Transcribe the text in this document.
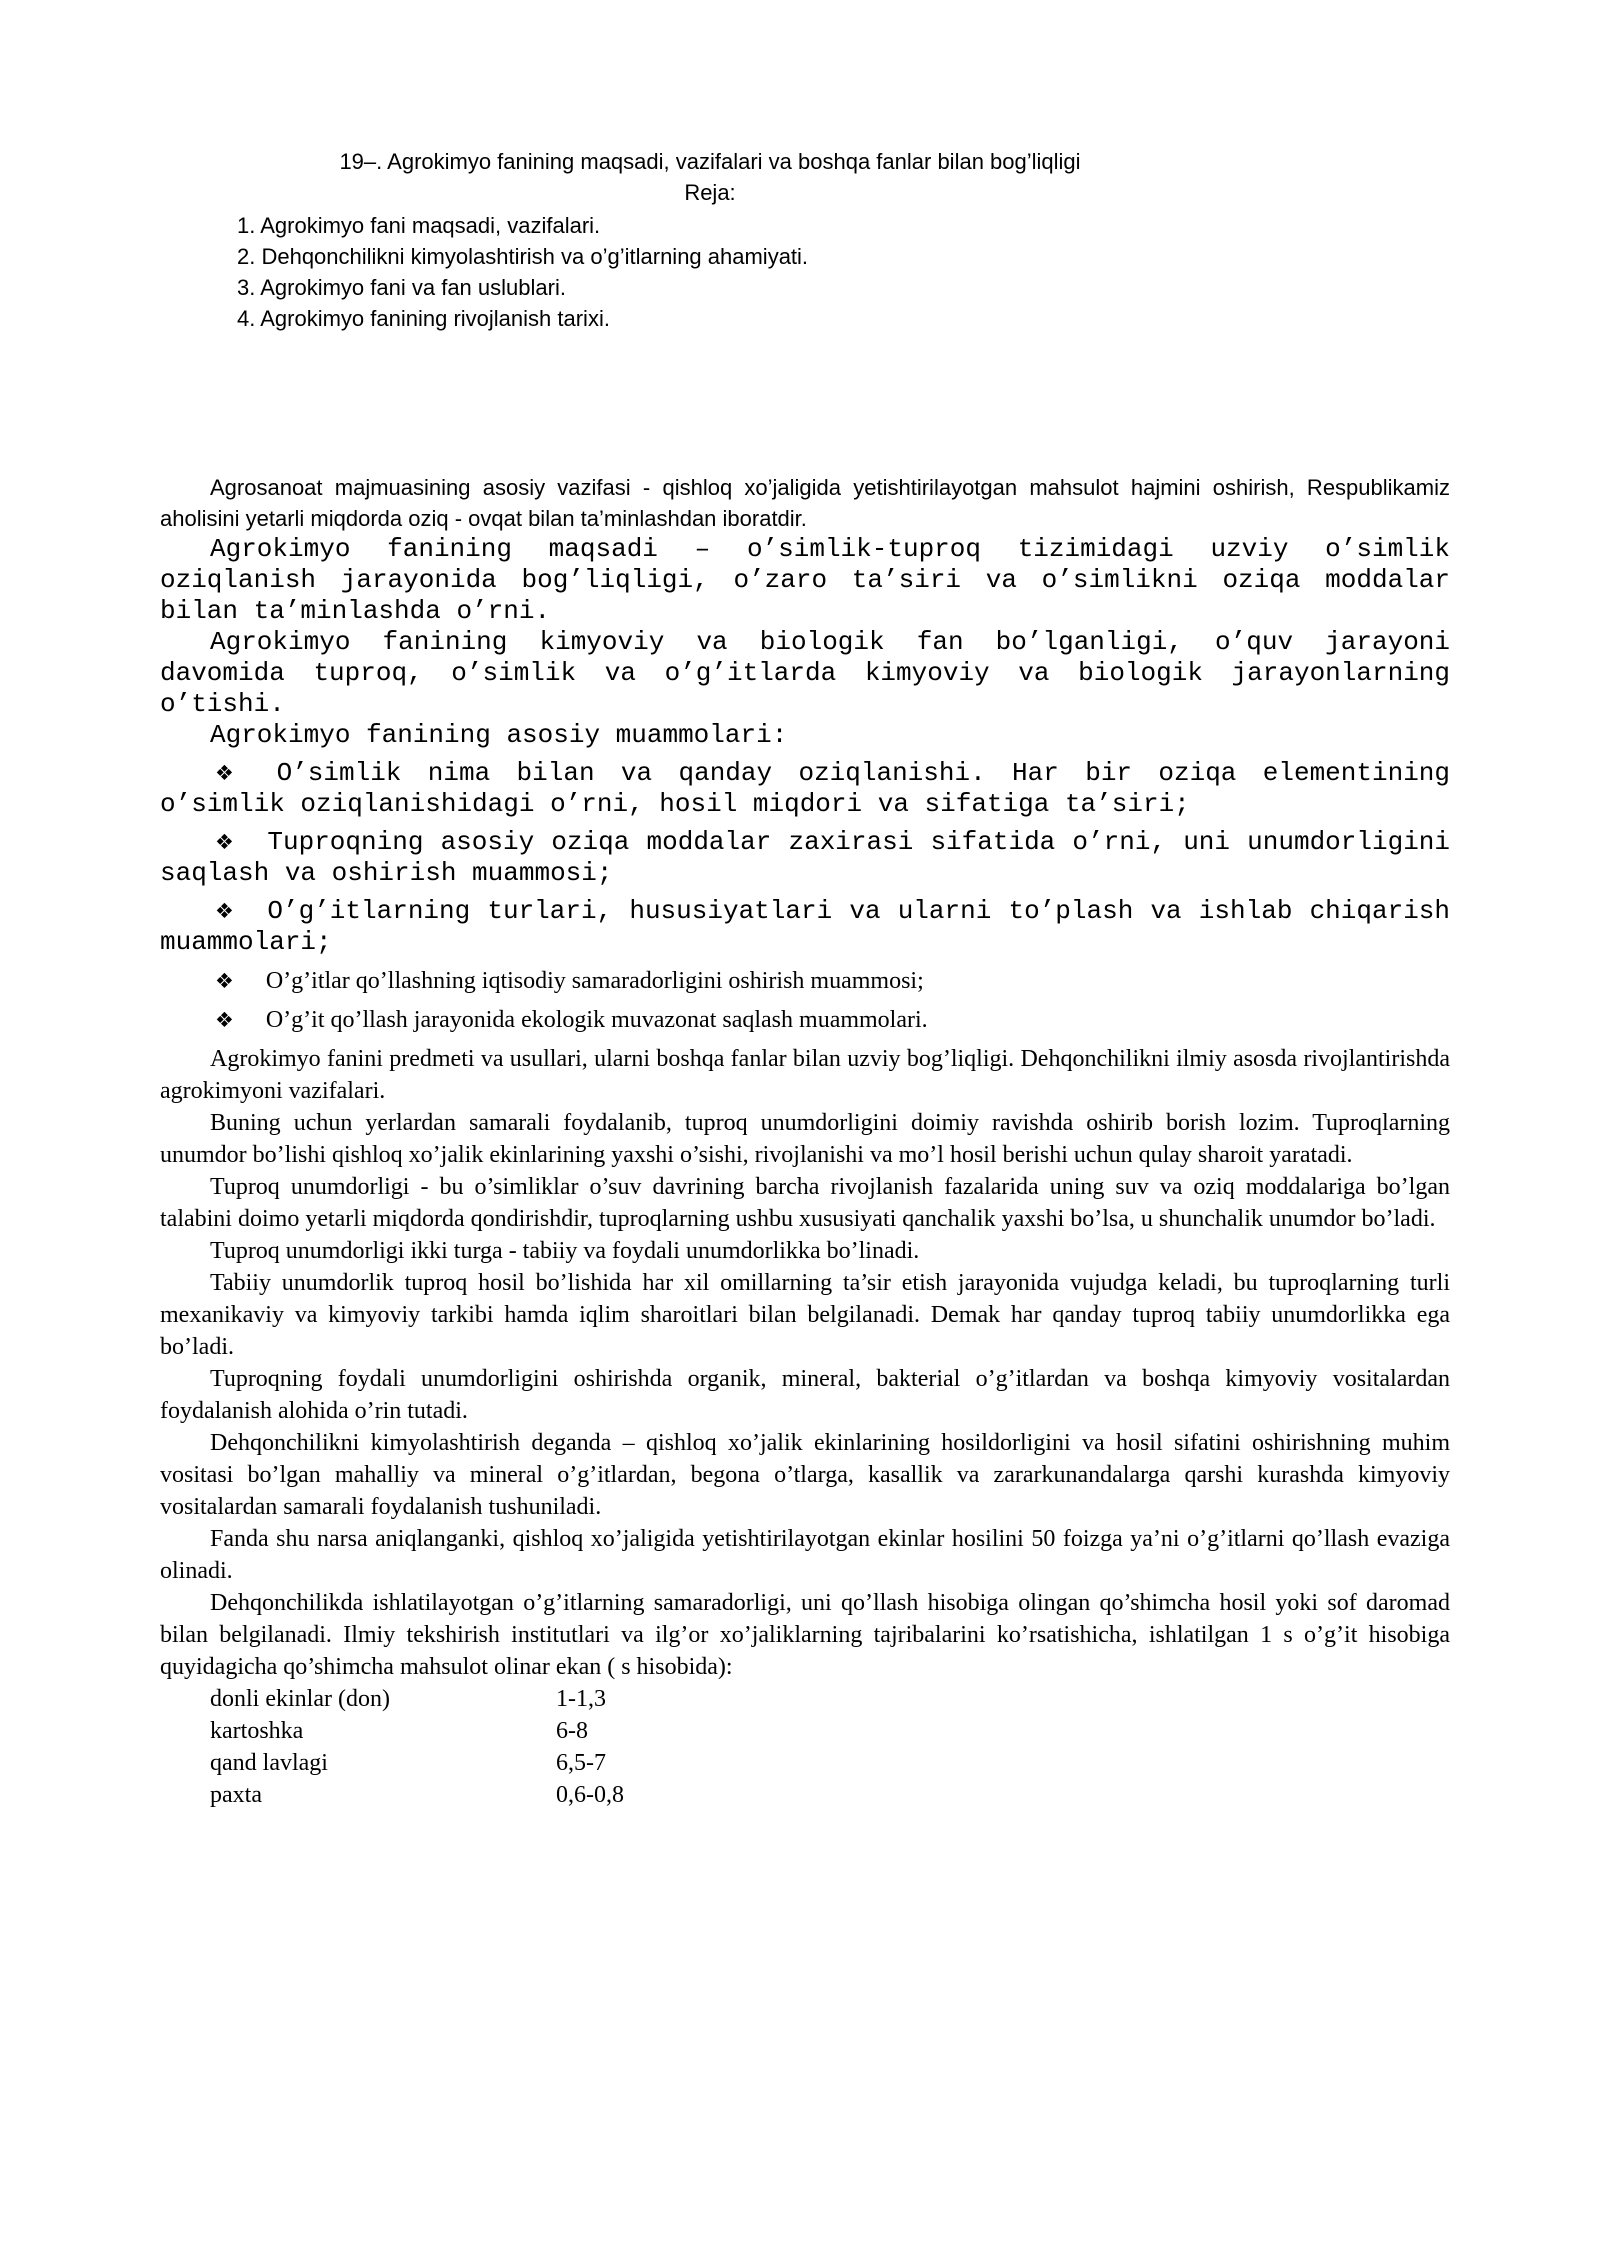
19–. Agrokimyo fanining maqsadi, vazifalari va boshqa fanlar bilan bog’liqligi

Reja:

1. Agrokimyo fani maqsadi, vazifalari.

2. Dehqonchilikni kimyolashtirish va o’g’itlarning ahamiyati.

3. Agrokimyo fani va fan uslublari.

4. Agrokimyo fanining rivojlanish tarixi.

Agrosanoat majmuasining asosiy vazifasi - qishloq xo’jaligida yetishtirilayotgan mahsulot hajmini oshirish, Respublikamiz aholisini yetarli miqdorda oziq - ovqat bilan ta’minlashdan iboratdir.

Agrokimyo fanining maqsadi – o’simlik-tuproq tizimidagi uzviy o’simlik oziqlanish jarayonida bog’liqligi, o’zaro ta’siri va o’simlikni oziqa moddalar bilan ta’minlashda o’rni.

Agrokimyo fanining kimyoviy va biologik fan bo’lganligi, o’quv jarayoni davomida tuproq, o’simlik va o’g’itlarda kimyoviy va biologik jarayonlarning o’tishi.

Agrokimyo fanining asosiy muammolari:

❖ O’simlik nima bilan va qanday oziqlanishi. Har bir oziqa elementining o’simlik oziqlanishidagi o’rni, hosil miqdori va sifatiga ta’siri;

❖ Tuproqning asosiy oziqa moddalar zaxirasi sifatida o’rni, uni unumdorligini saqlash va oshirish muammosi;

❖ O’g’itlarning turlari, hususiyatlari va ularni to’plash va ishlab chiqarish muammolari;

❖ O’g’itlar qo’llashning iqtisodiy samaradorligini oshirish muammosi;

❖ O’g’it qo’llash jarayonida ekologik muvazonat saqlash muammolari.

Agrokimyo fanini predmeti va usullari, ularni boshqa fanlar bilan uzviy bog’liqligi. Dehqonchilikni ilmiy asosda rivojlantirishda agrokimyoni vazifalari.

Buning uchun yerlardan samarali foydalanib, tuproq unumdorligini doimiy ravishda oshirib borish lozim. Tuproqlarning unumdor bo’lishi qishloq xo’jalik ekinlarining yaxshi o’sishi, rivojlanishi va mo’l hosil berishi uchun qulay sharoit yaratadi.

Tuproq unumdorligi - bu o’simliklar o’suv davrining barcha rivojlanish fazalarida uning suv va oziq moddalariga bo’lgan talabini doimo yetarli miqdorda qondirishdir, tuproqlarning ushbu xususiyati qanchalik yaxshi bo’lsa, u shunchalik unumdor bo’ladi.

Tuproq unumdorligi ikki turga - tabiiy va foydali unumdorlikka bo’linadi.

Tabiiy unumdorlik tuproq hosil bo’lishida har xil omillarning ta’sir etish jarayonida vujudga keladi, bu tuproqlarning turli mexanikaviy va kimyoviy tarkibi hamda iqlim sharoitlari bilan belgilanadi. Demak har qanday tuproq tabiiy unumdorlikka ega bo’ladi.

Tuproqning foydali unumdorligini oshirishda organik, mineral, bakterial o’g’itlardan va boshqa kimyoviy vositalardan foydalanish alohida o’rin tutadi.

Dehqonchilikni kimyolashtirish deganda – qishloq xo’jalik ekinlarining hosildorligini va hosil sifatini oshirishning muhim vositasi bo’lgan mahalliy va mineral o’g’itlardan, begona o’tlarga, kasallik va zararkunandalarga qarshi kurashda kimyoviy vositalardan samarali foydalanish tushuniladi.

Fanda shu narsa aniqlanganki, qishloq xo’jaligida yetishtirilayotgan ekinlar hosilini 50 foizga ya’ni o’g’itlarni qo’llash evaziga olinadi.

Dehqonchilikda ishlatilayotgan o’g’itlarning samaradorligi, uni qo’llash hisobiga olingan qo’shimcha hosil yoki sof daromad bilan belgilanadi. Ilmiy tekshirish institutlari va ilg’or xo’jaliklarning tajribalarini ko’rsatishicha, ishlatilgan 1 s o’g’it hisobiga quyidagicha qo’shimcha mahsulot olinar ekan ( s hisobida):

donli ekinlar (don)	1-1,3
kartoshka	6-8
qand lavlagi	6,5-7
paxta	0,6-0,8
